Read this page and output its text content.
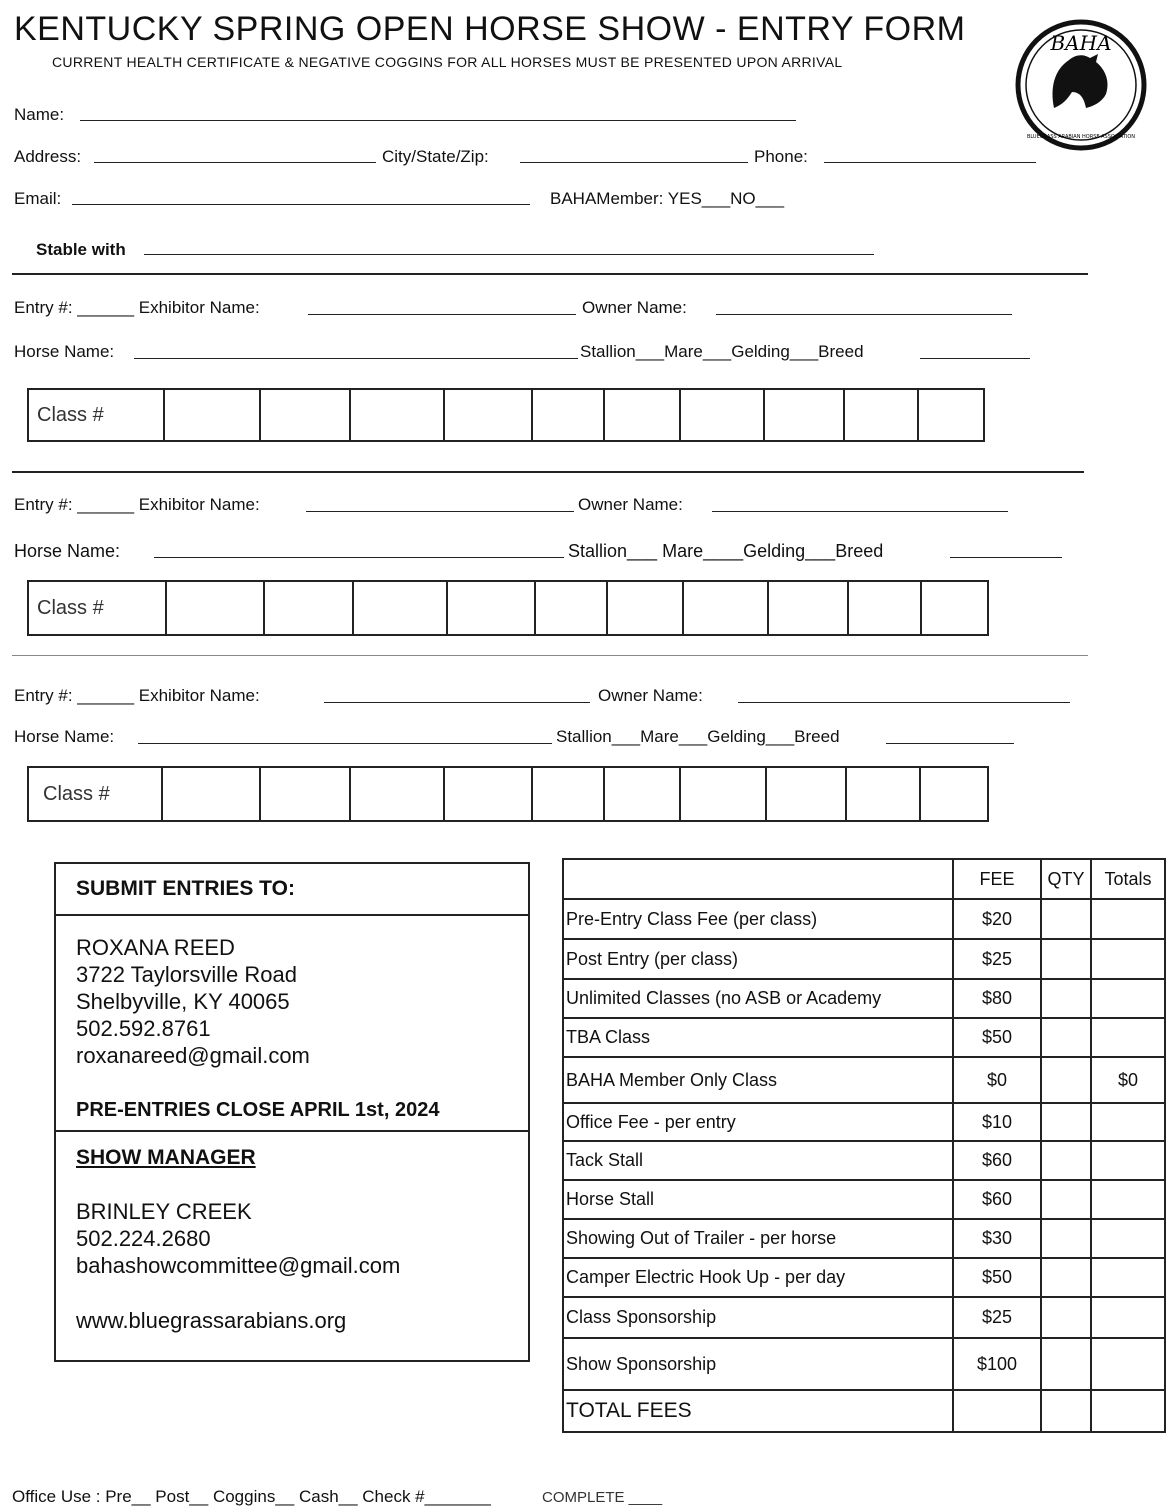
KENTUCKY SPRING OPEN HORSE SHOW - ENTRY FORM
CURRENT HEALTH CERTIFICATE & NEGATIVE COGGINS FOR ALL HORSES MUST BE PRESENTED UPON ARRIVAL
BAHA
BLUEGRASS ARABIAN HORSE ASSOCIATION
Name:
Address:	City/State/Zip:	Phone:
Email:	BAHAMember: YES___NO___
Stable with
Entry #: ______ Exhibitor Name:	Owner Name:
Horse Name:	Stallion___Mare___Gelding___Breed
Class #
Entry #: ______ Exhibitor Name:	Owner Name:
Horse Name:	Stallion___ Mare____Gelding___Breed
Class #
Entry #: ______ Exhibitor Name:	Owner Name:
Horse Name:	Stallion___Mare___Gelding___Breed
Class #
SUBMIT ENTRIES TO:
ROXANA REED
3722 Taylorsville Road
Shelbyville, KY 40065
502.592.8761
roxanareed@gmail.com
PRE-ENTRIES CLOSE APRIL 1st, 2024
SHOW MANAGER
BRINLEY CREEK
502.224.2680
bahashowcommittee@gmail.com
www.bluegrassarabians.org
	FEE	QTY	Totals
Pre-Entry Class Fee (per class)	$20		
Post Entry (per class)	$25		
Unlimited Classes (no ASB or Academy	$80		
TBA Class	$50		
BAHA Member Only Class	$0		$0
Office Fee - per entry	$10		
Tack Stall	$60		
Horse Stall	$60		
Showing Out of Trailer - per horse	$30		
Camper Electric Hook Up - per day	$50		
Class Sponsorship	$25		
Show Sponsorship	$100		
TOTAL FEES			
Office Use : Pre__ Post__ Coggins__ Cash__ Check #_______	COMPLETE ____
